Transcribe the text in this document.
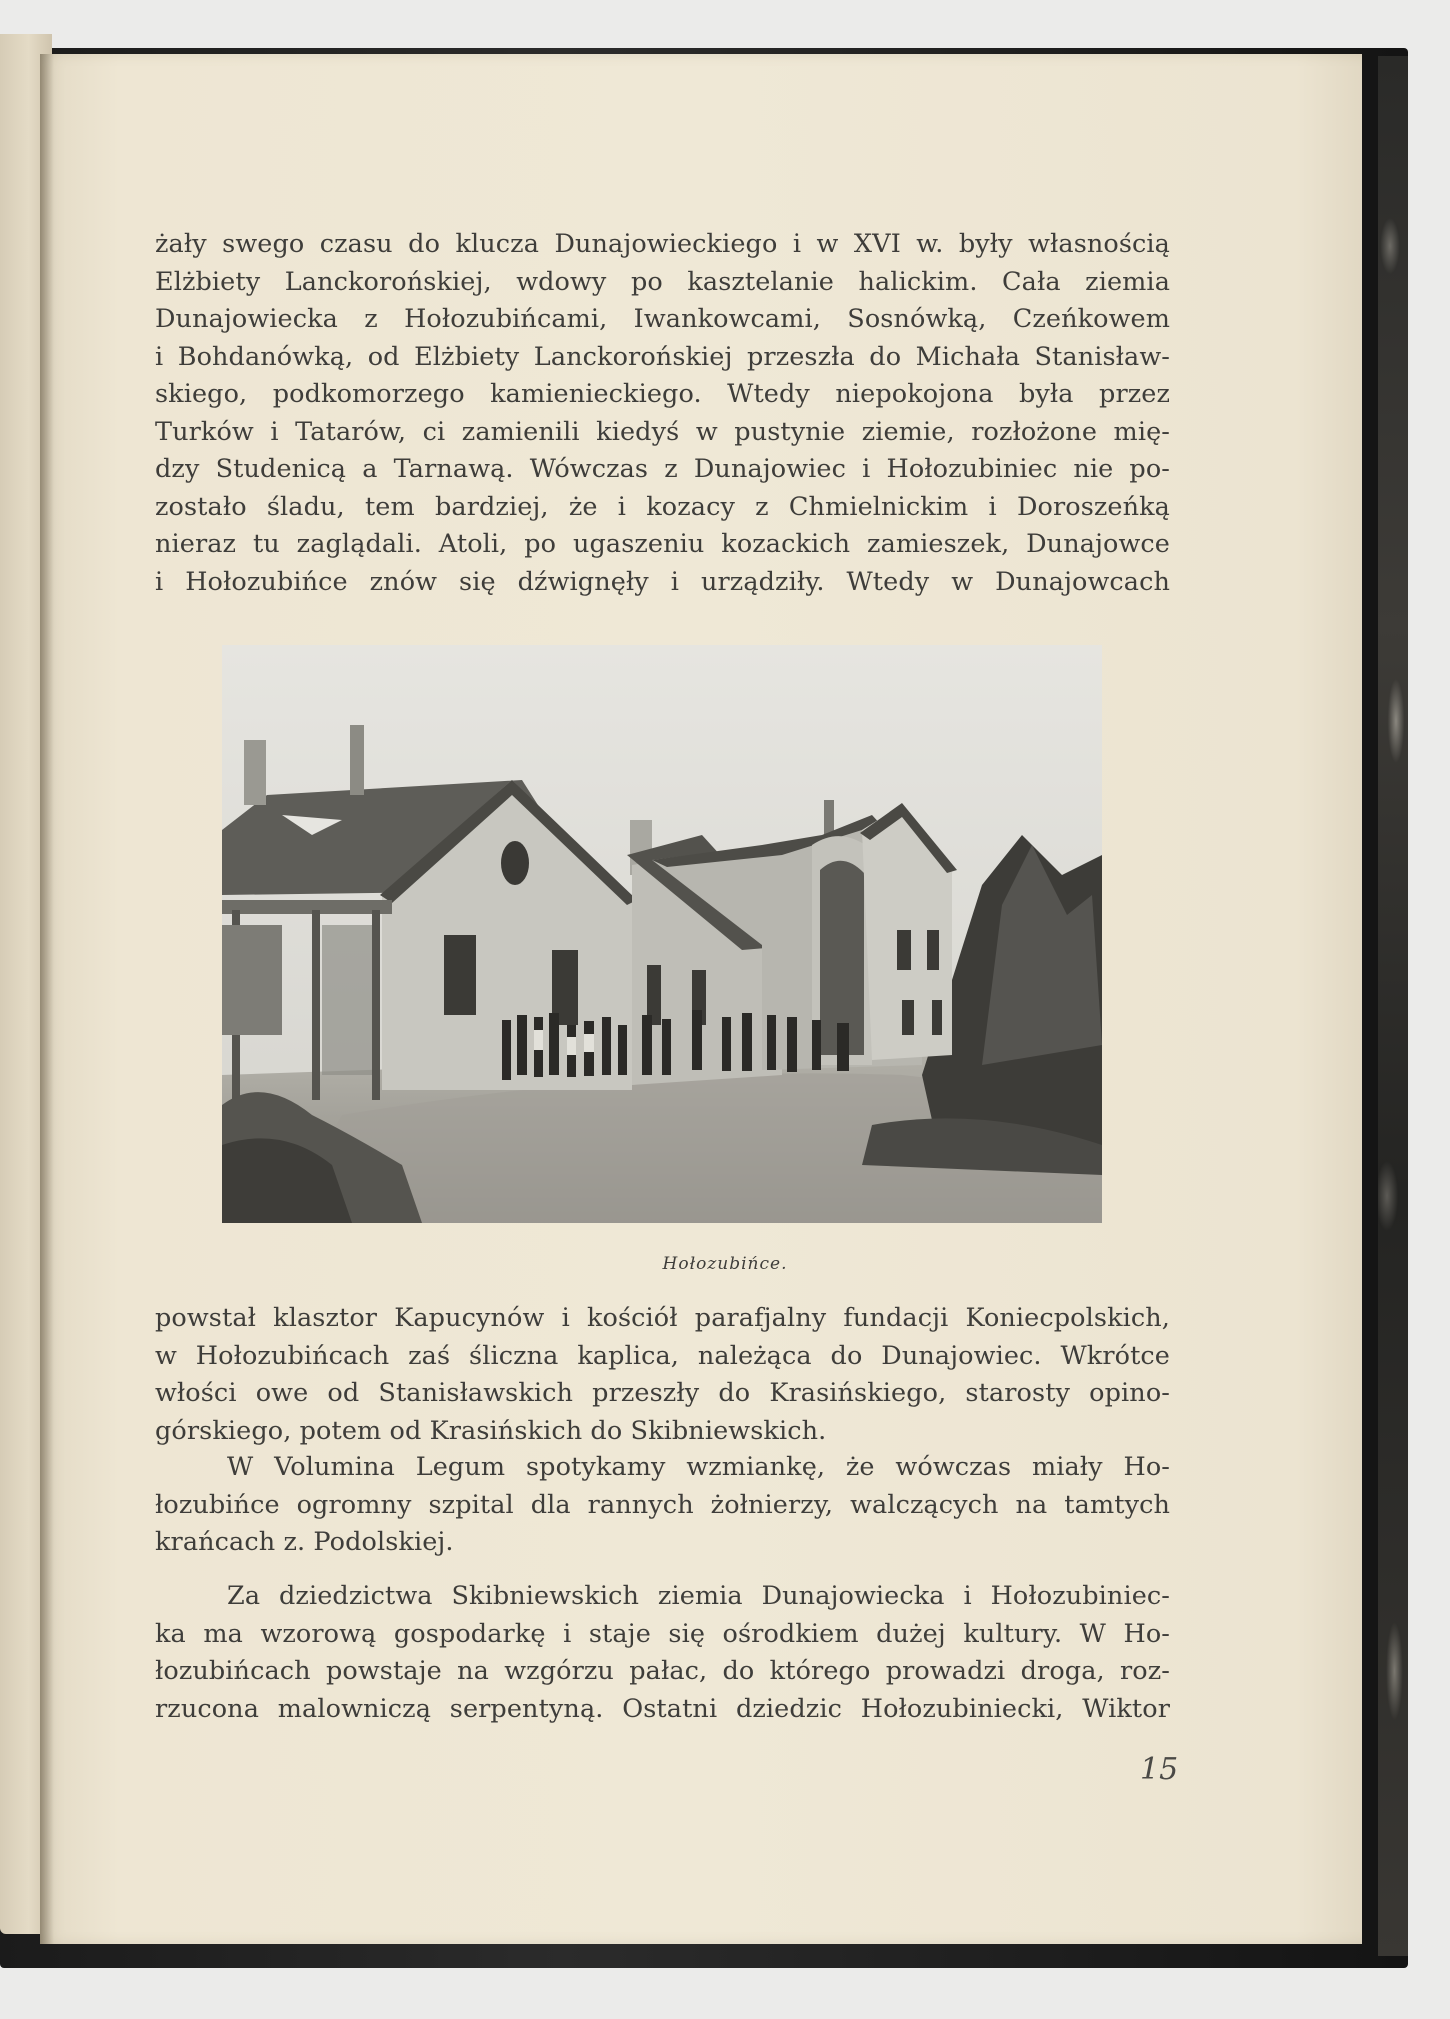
żały swego czasu do klucza Dunajowieckiego i w XVI w. były własnością
Elżbiety Lanckorońskiej, wdowy po kasztelanie halickim. Cała ziemia
Dunajowiecka z Hołozubińcami, Iwankowcami, Sosnówką, Czeńkowem
i Bohdanówką, od Elżbiety Lanckorońskiej przeszła do Michała Stanisław-
skiego, podkomorzego kamienieckiego. Wtedy niepokojona była przez
Turków i Tatarów, ci zamienili kiedyś w pustynie ziemie, rozłożone mię-
dzy Studenicą a Tarnawą. Wówczas z Dunajowiec i Hołozubiniec nie po-
zostało śladu, tem bardziej, że i kozacy z Chmielnickim i Doroszeńką
nieraz tu zaglądali. Atoli, po ugaszeniu kozackich zamieszek, Dunajowce
i Hołozubińce znów się dźwignęły i urządziły. Wtedy w Dunajowcach
Hołozubińce.
powstał klasztor Kapucynów i kościół parafjalny fundacji Koniecpolskich,
w Hołozubińcach zaś śliczna kaplica, należąca do Dunajowiec. Wkrótce
włości owe od Stanisławskich przeszły do Krasińskiego, starosty opino-
górskiego, potem od Krasińskich do Skibniewskich.
W Volumina Legum spotykamy wzmiankę, że wówczas miały Ho-
łozubińce ogromny szpital dla rannych żołnierzy, walczących na tamtych
krańcach z. Podolskiej.
Za dziedzictwa Skibniewskich ziemia Dunajowiecka i Hołozubiniec-
ka ma wzorową gospodarkę i staje się ośrodkiem dużej kultury. W Ho-
łozubińcach powstaje na wzgórzu pałac, do którego prowadzi droga, roz-
rzucona malowniczą serpentyną. Ostatni dziedzic Hołozubiniecki, Wiktor
15
